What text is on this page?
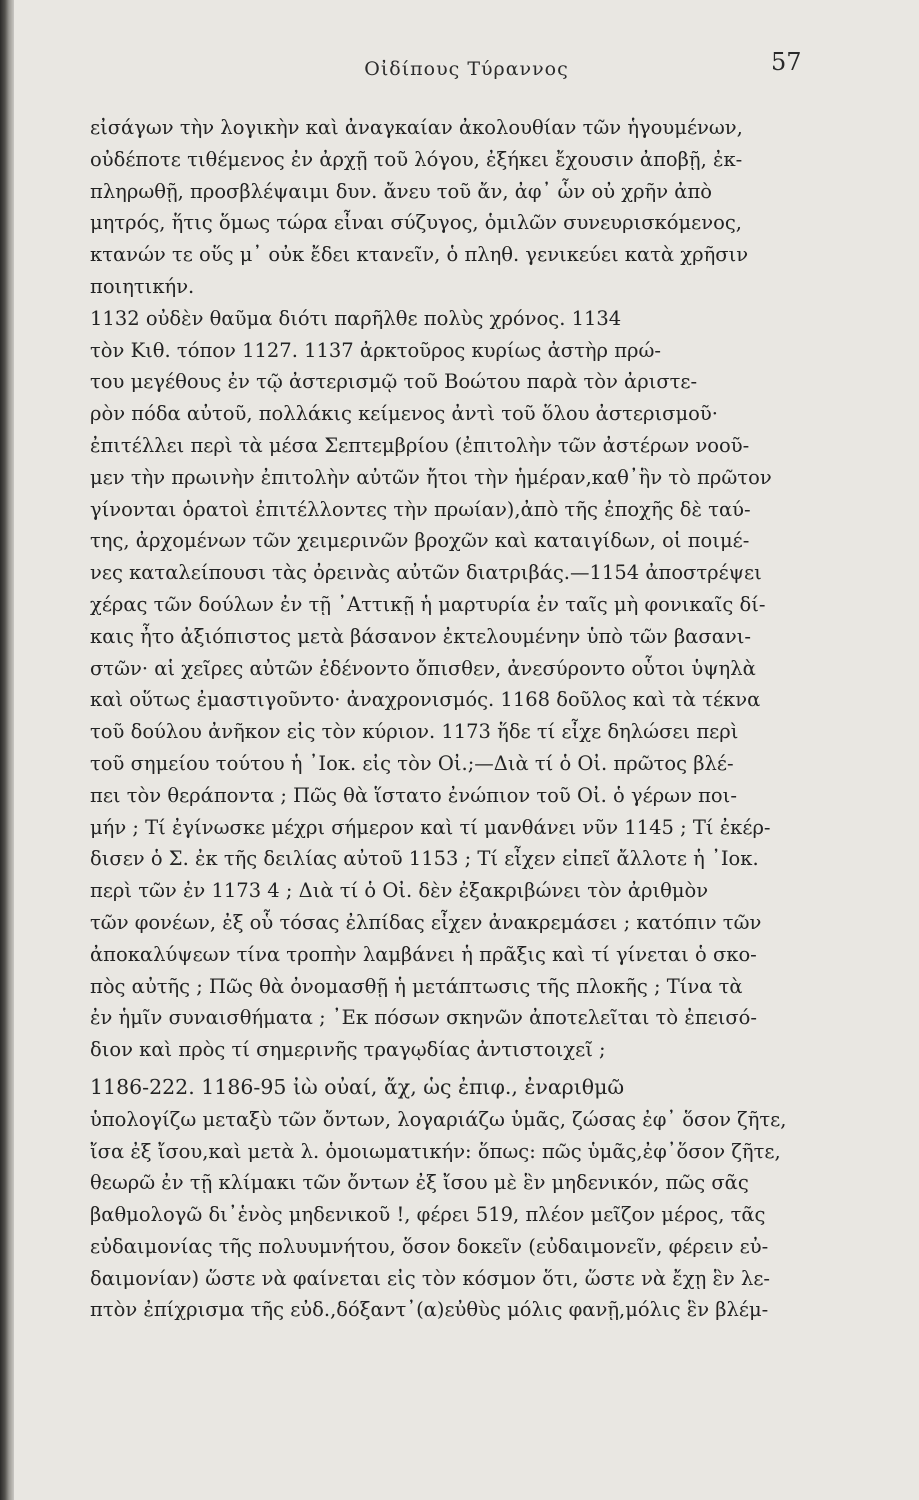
Οἰδίπους Τύραννος	57
εἰσάγων τὴν λογικὴν καὶ ἀναγκαίαν ἀκολουθίαν τῶν ἡγουμένων,
οὐδέποτε τιθέμενος ἐν ἀρχῇ τοῦ λόγου, ἐξήκει ἔχουσιν ἀποβῇ, ἐκ-
πληρωθῇ, προσβλέψαιμι δυν. ἄνευ τοῦ ἄν, ἀφ᾽ ὧν οὐ χρῆν ἀπὸ
μητρός, ἥτις ὅμως τώρα εἶναι σύζυγος, ὁμιλῶν συνευρισκόμενος,
κτανών τε οὕς μ᾽ οὐκ ἔδει κτανεῖν, ὁ πληθ. γενικεύει κατὰ χρῆσιν
ποιητικήν.
1132 οὐδὲν θαῦμα διότι παρῆλθε πολὺς χρόνος. 1134
τὸν Κιθ. τόπον 1127. 1137 ἀρκτοῦρος κυρίως ἀστὴρ πρώ-
του μεγέθους ἐν τῷ ἀστερισμῷ τοῦ Βοώτου παρὰ τὸν ἀριστε-
ρὸν πόδα αὐτοῦ, πολλάκις κείμενος ἀντὶ τοῦ ὅλου ἀστερισμοῦ·
ἐπιτέλλει περὶ τὰ μέσα Σεπτεμβρίου (ἐπιτολὴν τῶν ἀστέρων νοοῦ-
μεν τὴν πρωινὴν ἐπιτολὴν αὐτῶν ἤτοι τὴν ἡμέραν,καθ᾽ἣν τὸ πρῶτον
γίνονται ὁρατοὶ ἐπιτέλλοντες τὴν πρωίαν),ἀπὸ τῆς ἐποχῆς δὲ ταύ-
της, ἀρχομένων τῶν χειμερινῶν βροχῶν καὶ καταιγίδων, οἱ ποιμέ-
νες καταλείπουσι τὰς ὀρεινὰς αὐτῶν διατριβάς.—1154 ἀποστρέψει
χέρας τῶν δούλων ἐν τῇ ᾿Αττικῇ ἡ μαρτυρία ἐν ταῖς μὴ φονικαῖς δί-
καις ἦτο ἀξιόπιστος μετὰ βάσανον ἐκτελουμένην ὑπὸ τῶν βασανι-
στῶν· αἱ χεῖρες αὐτῶν ἐδένοντο ὄπισθεν, ἀνεσύροντο οὗτοι ὑψηλὰ
καὶ οὕτως ἐμαστιγοῦντο· ἀναχρονισμός. 1168 δοῦλος καὶ τὰ τέκνα
τοῦ δούλου ἀνῆκον εἰς τὸν κύριον. 1173 ἥδε τί εἶχε δηλώσει περὶ
τοῦ σημείου τούτου ἡ ᾿Ιοκ. εἰς τὸν Οἰ.;—Διὰ τί ὁ Οἰ. πρῶτος βλέ-
πει τὸν θεράποντα ; Πῶς θὰ ἵστατο ἐνώπιον τοῦ Οἰ. ὁ γέρων ποι-
μήν ; Τί ἐγίνωσκε μέχρι σήμερον καὶ τί μανθάνει νῦν 1145 ; Τί ἐκέρ-
δισεν ὁ Σ. ἐκ τῆς δειλίας αὐτοῦ 1153 ; Τί εἶχεν εἰπεῖ ἄλλοτε ἡ ᾿Ιοκ.
περὶ τῶν ἐν 1173 4 ; Διὰ τί ὁ Οἰ. δὲν ἐξακριβώνει τὸν ἀριθμὸν
τῶν φονέων, ἐξ οὗ τόσας ἐλπίδας εἶχεν ἀνακρεμάσει ; κατόπιν τῶν
ἀποκαλύψεων τίνα τροπὴν λαμβάνει ἡ πρᾶξις καὶ τί γίνεται ὁ σκο-
πὸς αὐτῆς ; Πῶς θὰ ὀνομασθῇ ἡ μετάπτωσις τῆς πλοκῆς ; Τίνα τὰ
ἐν ἡμῖν συναισθήματα ; ᾿Εκ πόσων σκηνῶν ἀποτελεῖται τὸ ἐπεισό-
διον καὶ πρὸς τί σημερινῆς τραγῳδίας ἀντιστοιχεῖ ;
1186-222. 1186-95 ἰὼ οὐαί, ἄχ, ὡς ἐπιφ., ἐναριθμῶ
ὑπολογίζω μεταξὺ τῶν ὄντων, λογαριάζω ὑμᾶς, ζώσας ἐφ᾽ ὅσον ζῆτε,
ἴσα ἐξ ἴσου,καὶ μετὰ λ. ὁμοιωματικήν: ὅπως: πῶς ὑμᾶς,ἐφ᾽ὅσον ζῆτε,
θεωρῶ ἐν τῇ κλίμακι τῶν ὄντων ἐξ ἴσου μὲ ἓν μηδενικόν, πῶς σᾶς
βαθμολογῶ δι᾽ἑνὸς μηδενικοῦ !, φέρει 519, πλέον μεῖζον μέρος, τᾶς
εὐδαιμονίας τῆς πολυυμνήτου, ὅσον δοκεῖν (εὐδαιμονεῖν, φέρειν εὐ-
δαιμονίαν) ὥστε νὰ φαίνεται εἰς τὸν κόσμον ὅτι, ὥστε νὰ ἔχῃ ἓν λε-
πτὸν ἐπίχρισμα τῆς εὐδ.,δόξαντ᾽(α)εὐθὺς μόλις φανῇ,μόλις ἓν βλέμ-
